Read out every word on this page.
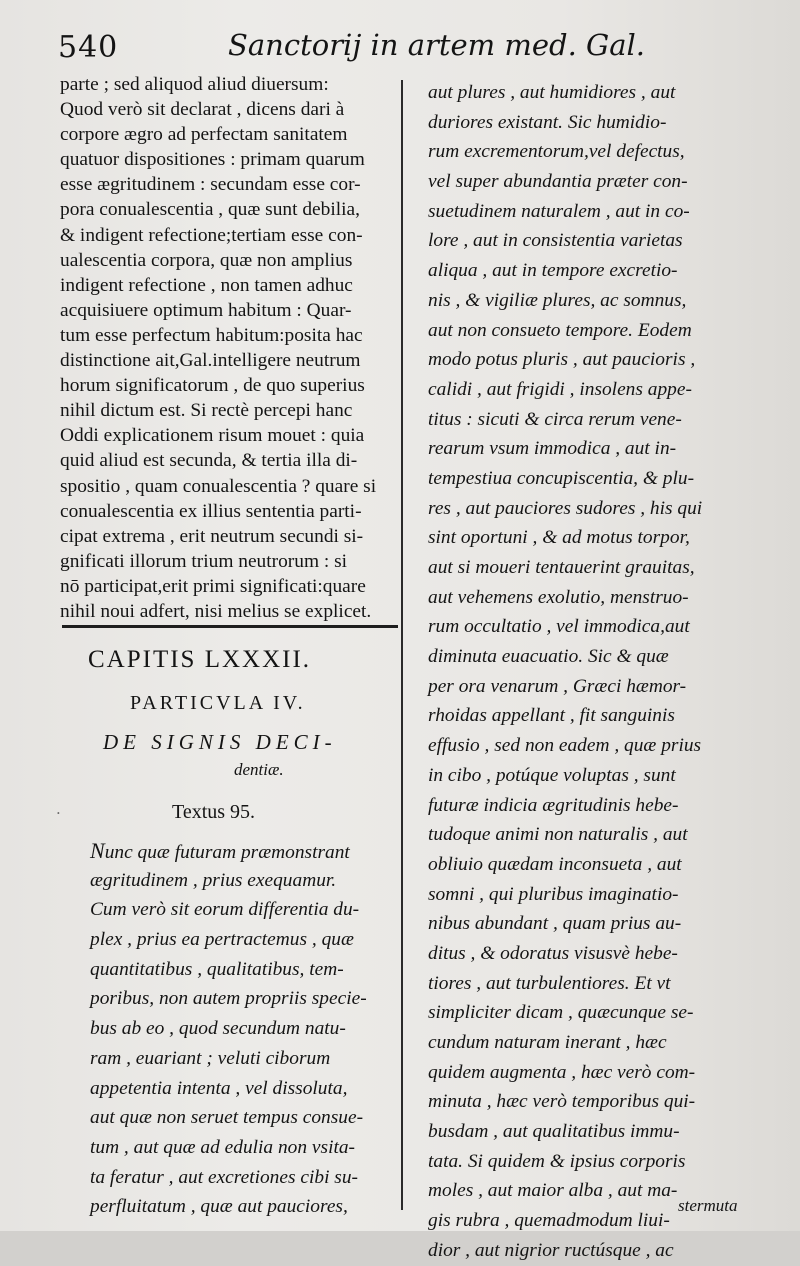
540	Sanctorij in artem med. Gal.
parte ; sed aliquod aliud diuersum:
Quod verò sit declarat , dicens dari à
corpore ægro ad perfectam sanitatem
quatuor dispositiones : primam quarum
esse ægritudinem : secundam esse cor-
pora conualescentia , quæ sunt debilia,
& indigent refectione;tertiam esse con-
ualescentia corpora, quæ non amplius
indigent refectione , non tamen adhuc
acquisiuere optimum habitum : Quar-
tum esse perfectum habitum:posita hac
distinctione ait,Gal.intelligere neutrum
horum significatorum , de quo superius
nihil dictum est. Si rectè percepi hanc
Oddi explicationem risum mouet : quia
quid aliud est secunda, & tertia illa di-
spositio , quam conualescentia ? quare si
conualescentia ex illius sententia parti-
cipat extrema , erit neutrum secundi si-
gnificati illorum trium neutrorum : si
nō participat,erit primi significati:quare
nihil noui adfert, nisi melius se explicet.
CAPITIS LXXXII.
PARTICVLA IV.
DE SIGNIS DECI-
dentiæ.
Textus 95.
·
Nunc quæ futuram præmonstrant
ægritudinem , prius exequamur.
Cum verò sit eorum differentia du-
plex , prius ea pertractemus , quæ
quantitatibus , qualitatibus, tem-
poribus, non autem propriis specie-
bus ab eo , quod secundum natu-
ram , euariant ; veluti ciborum
appetentia intenta , vel dissoluta,
aut quæ non seruet tempus consue-
tum , aut quæ ad edulia non vsita-
ta feratur , aut excretiones cibi su-
perfluitatum , quæ aut pauciores,
aut plures , aut humidiores , aut
duriores existant. Sic humidio-
rum excrementorum,vel defectus,
vel super abundantia præter con-
suetudinem naturalem , aut in co-
lore , aut in consistentia varietas
aliqua , aut in tempore excretio-
nis , & vigiliæ plures, ac somnus,
aut non consueto tempore. Eodem
modo potus pluris , aut paucioris ,
calidi , aut frigidi , insolens appe-
titus : sicuti & circa rerum vene-
rearum vsum immodica , aut in-
tempestiua concupiscentia, & plu-
res , aut pauciores sudores , his qui
sint oportuni , & ad motus torpor,
aut si moueri tentauerint grauitas,
aut vehemens exolutio, menstruo-
rum occultatio , vel immodica,aut
diminuta euacuatio. Sic & quæ
per ora venarum , Græci hæmor-
rhoidas appellant , fit sanguinis
effusio , sed non eadem , quæ prius
in cibo , potúque voluptas , sunt
futuræ indicia ægritudinis hebe-
tudoque animi non naturalis , aut
obliuio quædam inconsueta , aut
somni , qui pluribus imaginatio-
nibus abundant , quam prius au-
ditus , & odoratus visusvè hebe-
tiores , aut turbulentiores. Et vt
simpliciter dicam , quæcunque se-
cundum naturam inerant , hæc
quidem augmenta , hæc verò com-
minuta , hæc verò temporibus qui-
busdam , aut qualitatibus immu-
tata. Si quidem & ipsius corporis
moles , aut maior alba , aut ma-
gis rubra , quemadmodum liui-
dior , aut nigrior ructúsque , ac
stermuta
